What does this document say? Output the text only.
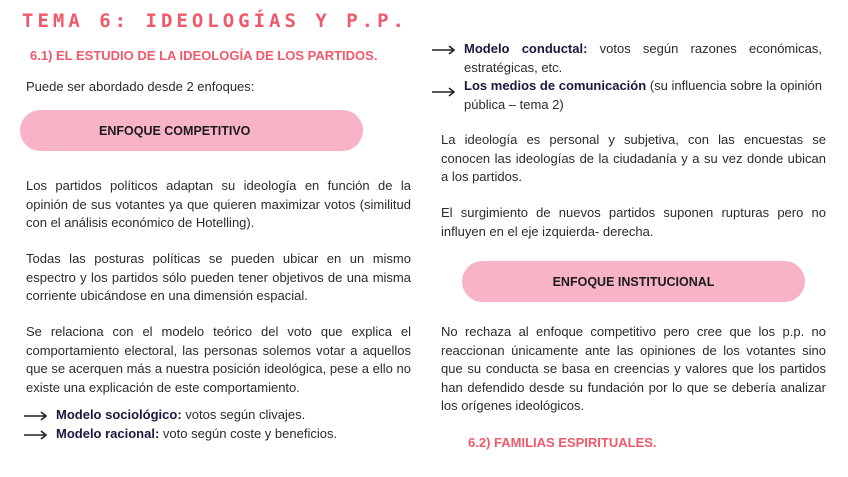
TEMA 6: IDEOLOGÍAS Y P.P.
6.1) EL ESTUDIO DE LA IDEOLOGÍA DE LOS PARTIDOS.
Puede ser abordado desde 2 enfoques:
ENFOQUE COMPETITIVO
Los partidos políticos adaptan su ideología en función de la opinión de sus votantes ya que quieren maximizar votos (similitud con el análisis económico de Hotelling).
Todas las posturas políticas se pueden ubicar en un mismo espectro y los partidos sólo pueden tener objetivos de una misma corriente ubicándose en una dimensión espacial.
Se relaciona con el modelo teórico del voto que explica el comportamiento electoral, las personas solemos votar a aquellos que se acerquen más a nuestra posición ideológica, pese a ello no existe una explicación de este comportamiento.
Modelo sociológico: votos según clivajes.
Modelo racional: voto según coste y beneficios.
Modelo conductal: votos según razones económicas, estratégicas, etc.
Los medios de comunicación (su influencia sobre la opinión pública – tema 2)
La ideología es personal y subjetiva, con las encuestas se conocen las ideologías de la ciudadanía y a su vez donde ubican a los partidos.
El surgimiento de nuevos partidos suponen rupturas pero no influyen en el eje izquierda- derecha.
ENFOQUE INSTITUCIONAL
No rechaza al enfoque competitivo pero cree que los p.p. no reaccionan únicamente ante las opiniones de los votantes sino que su conducta se basa en creencias y valores que los partidos han defendido desde su fundación por lo que se debería analizar los orígenes ideológicos.
6.2) FAMILIAS ESPIRITUALES.
